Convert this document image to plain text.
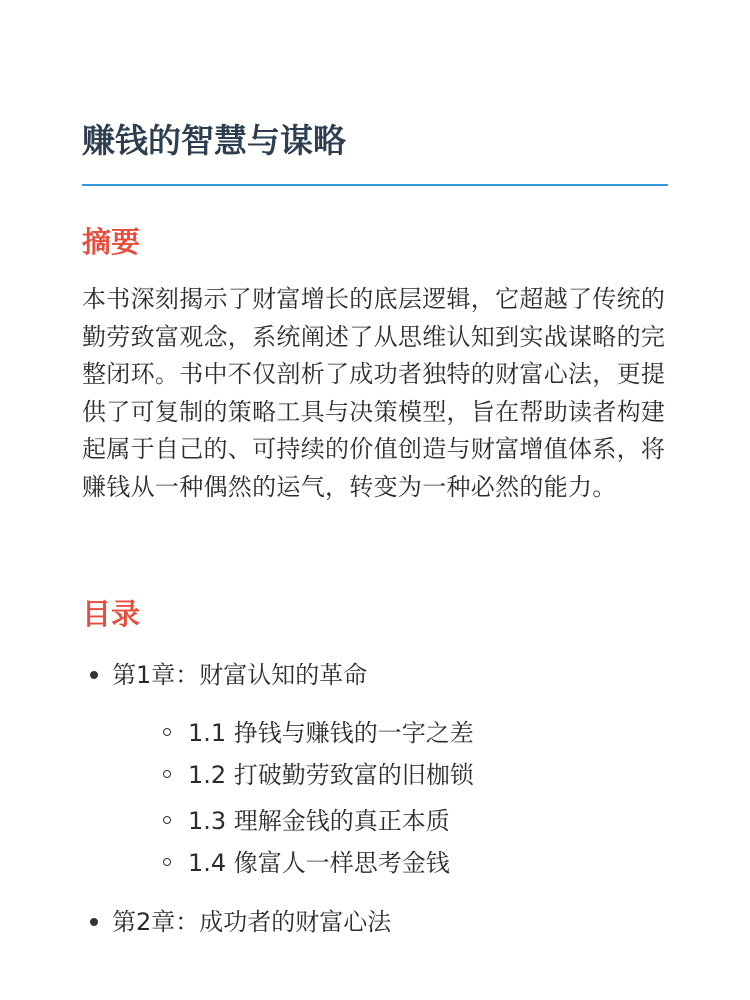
赚钱的智慧与谋略
摘要

本书深刻揭示了财富增长的底层逻辑，它超越了传统的勤劳致富观念，系统阐述了从思维认知到实战谋略的完整闭环。书中不仅剖析了成功者独特的财富心法，更提供了可复制的策略工具与决策模型，旨在帮助读者构建起属于自己的、可持续的价值创造与财富增值体系，将赚钱从一种偶然的运气，转变为一种必然的能力。

目录
第1章：财富认知的革命
1.1 挣钱与赚钱的一字之差
1.2 打破勤劳致富的旧枷锁
1.3 理解金钱的真正本质
1.4 像富人一样思考金钱
第2章：成功者的财富心法
